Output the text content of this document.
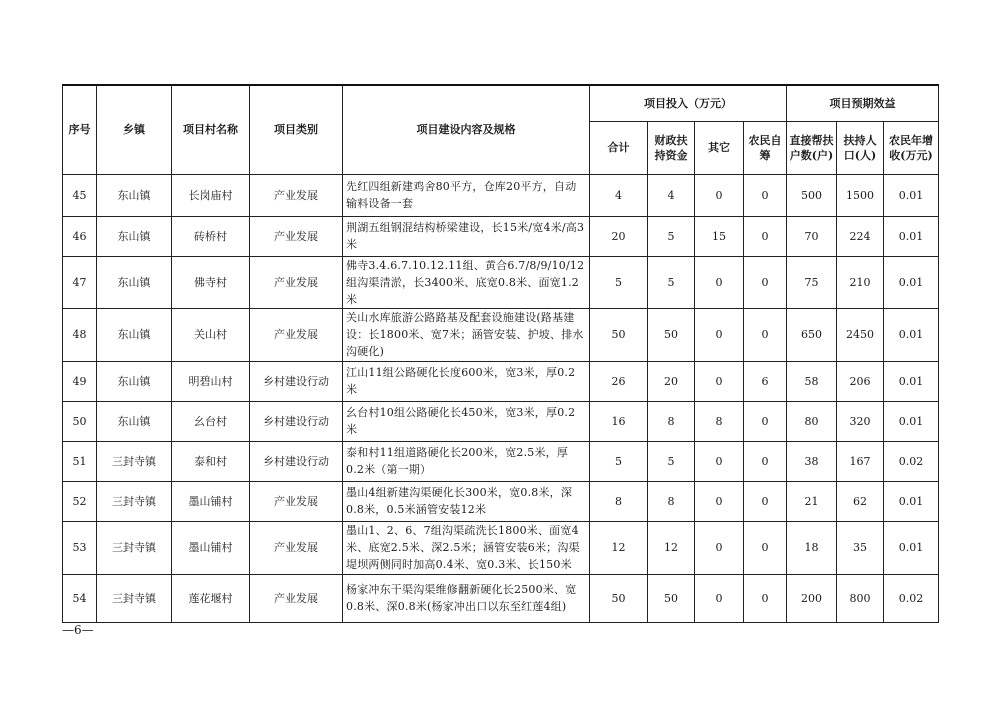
序号	乡镇	项目村名称	项目类别	项目建设内容及规格	项目投入（万元）				项目预期效益		
					合计	财政扶持资金	其它	农民自筹	直接帮扶户数(户)	扶持人口(人)	农民年增收(万元)
45	东山镇	长岗庙村	产业发展	先红四组新建鸡舍80平方，仓库20平方，自动输料设备一套	4	4	0	0	500	1500	0.01
46	东山镇	砖桥村	产业发展	荆湖五组钢混结构桥梁建设，长15米/宽4米/高3米	20	5	15	0	70	224	0.01
47	东山镇	佛寺村	产业发展	佛寺3.4.6.7.10.12.11组、黄合6.7/8/9/10/12组沟渠清淤，长3400米、底宽0.8米、面宽1.2米	5	5	0	0	75	210	0.01
48	东山镇	关山村	产业发展	关山水库旅游公路路基及配套设施建设(路基建设：长1800米、宽7米；涵管安装、护坡、排水沟硬化)	50	50	0	0	650	2450	0.01
49	东山镇	明碧山村	乡村建设行动	江山11组公路硬化长度600米，宽3米，厚0.2米	26	20	0	6	58	206	0.01
50	东山镇	幺台村	乡村建设行动	幺台村10组公路硬化长450米，宽3米，厚0.2米	16	8	8	0	80	320	0.01
51	三封寺镇	泰和村	乡村建设行动	泰和村11组道路硬化长200米，宽2.5米，厚0.2米（第一期）	5	5	0	0	38	167	0.02
52	三封寺镇	墨山铺村	产业发展	墨山4组新建沟渠硬化长300米，宽0.8米，深0.8米，0.5米涵管安装12米	8	8	0	0	21	62	0.01
53	三封寺镇	墨山铺村	产业发展	墨山1、2、6、7组沟渠疏洗长1800米、面宽4米、底宽2.5米、深2.5米；涵管安装6米；沟渠堤坝两侧同时加高0.4米、宽0.3米、长150米	12	12	0	0	18	35	0.01
54	三封寺镇	莲花堰村	产业发展	杨家冲东干渠沟渠维修翻新硬化长2500米、宽0.8米、深0.8米(杨家冲出口以东至红莲4组)	50	50	0	0	200	800	0.02
—6—
